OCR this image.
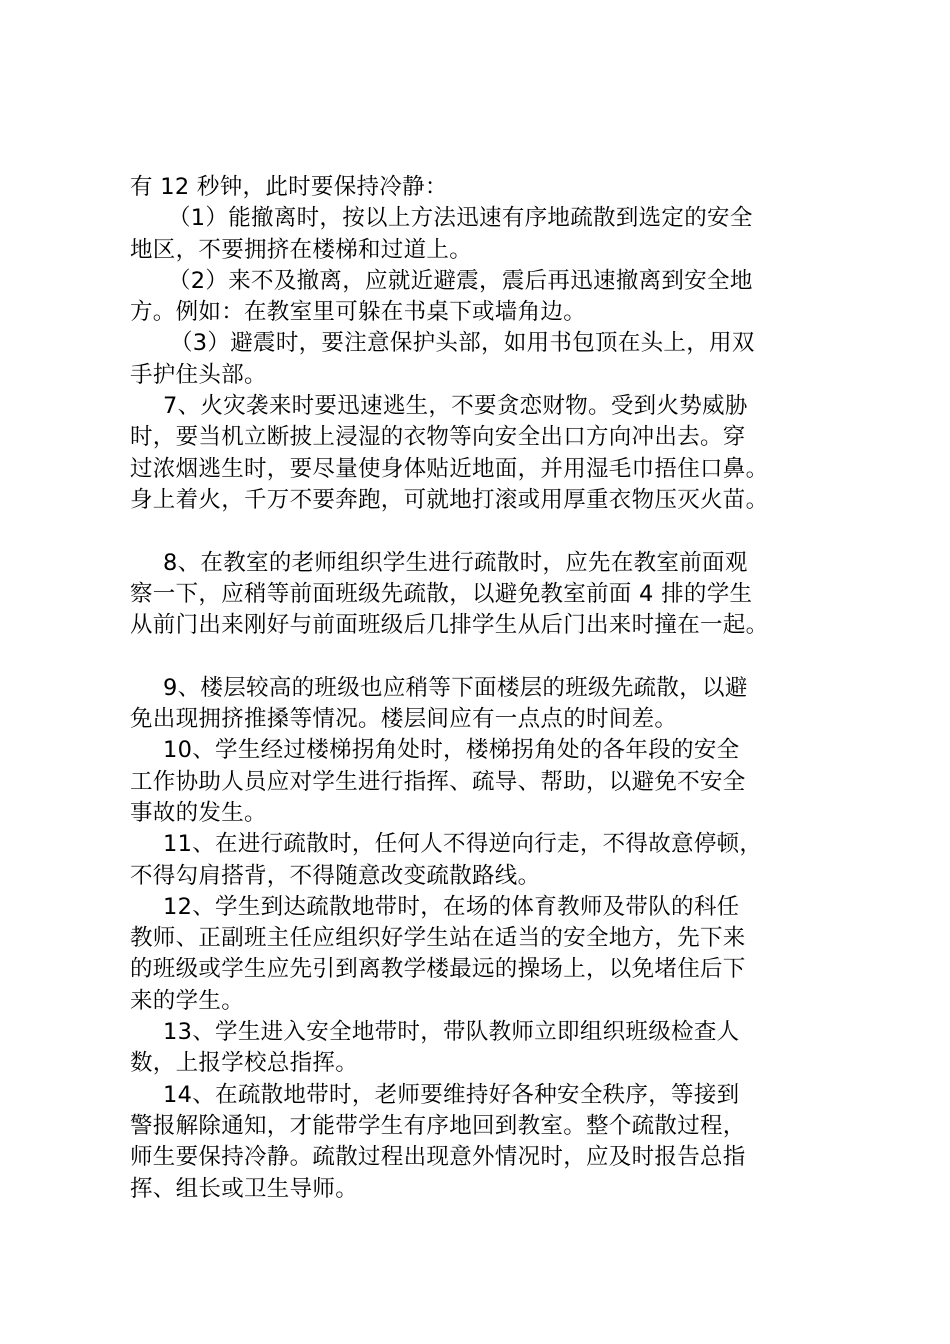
有 12 秒钟，此时要保持冷静：
（1）能撤离时，按以上方法迅速有序地疏散到选定的安全
地区，不要拥挤在楼梯和过道上。
（2）来不及撤离，应就近避震，震后再迅速撤离到安全地
方。例如：在教室里可躲在书桌下或墙角边。
（3）避震时，要注意保护头部，如用书包顶在头上，用双
手护住头部。
7、火灾袭来时要迅速逃生，不要贪恋财物。受到火势威胁
时，要当机立断披上浸湿的衣物等向安全出口方向冲出去。穿
过浓烟逃生时，要尽量使身体贴近地面，并用湿毛巾捂住口鼻。
身上着火，千万不要奔跑，可就地打滚或用厚重衣物压灭火苗。
8、在教室的老师组织学生进行疏散时，应先在教室前面观
察一下，应稍等前面班级先疏散，以避免教室前面 4 排的学生
从前门出来刚好与前面班级后几排学生从后门出来时撞在一起。
9、楼层较高的班级也应稍等下面楼层的班级先疏散，以避
免出现拥挤推搡等情况。楼层间应有一点点的时间差。
10、学生经过楼梯拐角处时，楼梯拐角处的各年段的安全
工作协助人员应对学生进行指挥、疏导、帮助，以避免不安全
事故的发生。
11、在进行疏散时，任何人不得逆向行走，不得故意停顿，
不得勾肩搭背，不得随意改变疏散路线。
12、学生到达疏散地带时，在场的体育教师及带队的科任
教师、正副班主任应组织好学生站在适当的安全地方，先下来
的班级或学生应先引到离教学楼最远的操场上，以免堵住后下
来的学生。
13、学生进入安全地带时，带队教师立即组织班级检查人
数，上报学校总指挥。
14、在疏散地带时，老师要维持好各种安全秩序，等接到
警报解除通知，才能带学生有序地回到教室。整个疏散过程，
师生要保持冷静。疏散过程出现意外情况时，应及时报告总指
挥、组长或卫生导师。
